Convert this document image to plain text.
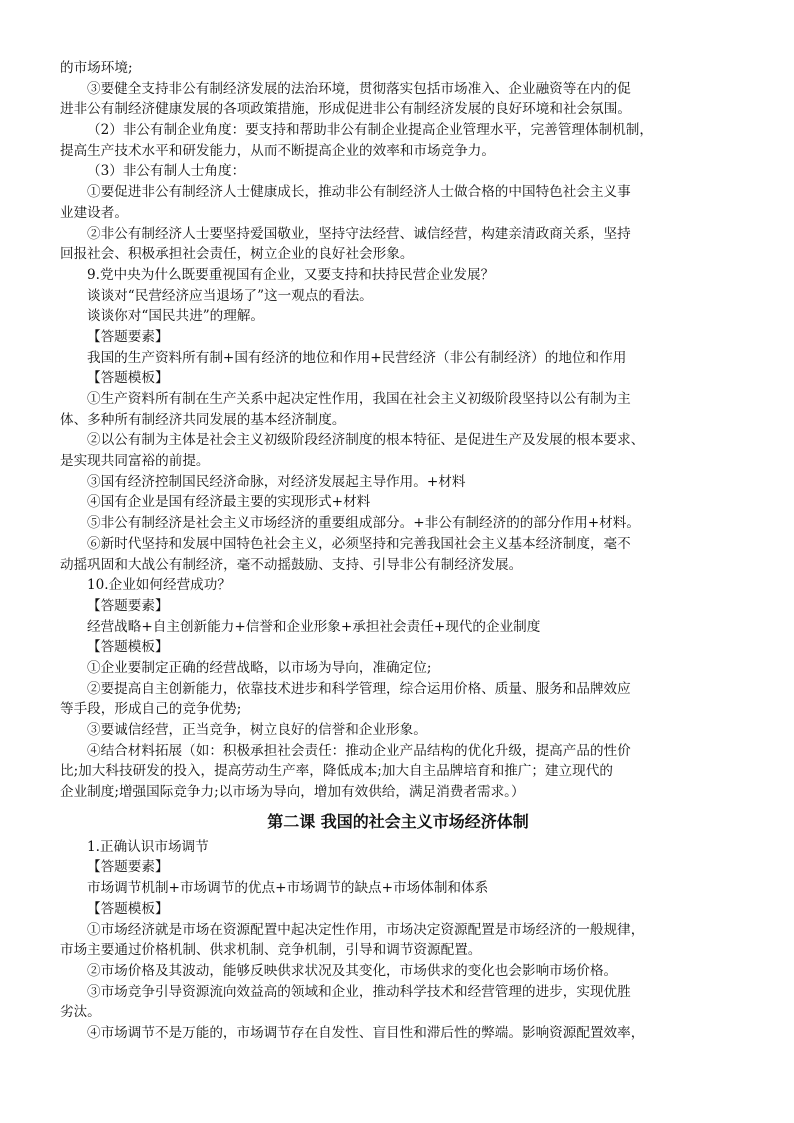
的市场环境;
③要健全支持非公有制经济发展的法治环境，贯彻落实包括市场准入、企业融资等在内的促
进非公有制经济健康发展的各项政策措施，形成促进非公有制经济发展的良好环境和社会氛围。
（2）非公有制企业角度：要支持和帮助非公有制企业提高企业管理水平，完善管理体制机制，
提高生产技术水平和研发能力，从而不断提高企业的效率和市场竞争力。
（3）非公有制人士角度：
①要促进非公有制经济人士健康成长，推动非公有制经济人士做合格的中国特色社会主义事
业建设者。
②非公有制经济人士要坚持爱国敬业，坚持守法经营、诚信经营，构建亲清政商关系，坚持
回报社会、积极承担社会责任，树立企业的良好社会形象。
9.党中央为什么既要重视国有企业，又要支持和扶持民营企业发展？
谈谈对“民营经济应当退场了”这一观点的看法。
谈谈你对“国民共进”的理解。
【答题要素】
我国的生产资料所有制+国有经济的地位和作用+民营经济（非公有制经济）的地位和作用
【答题模板】
①生产资料所有制在生产关系中起决定性作用，我国在社会主义初级阶段坚持以公有制为主
体、多种所有制经济共同发展的基本经济制度。
②以公有制为主体是社会主义初级阶段经济制度的根本特征、是促进生产及发展的根本要求、
是实现共同富裕的前提。
③国有经济控制国民经济命脉，对经济发展起主导作用。+材料
④国有企业是国有经济最主要的实现形式+材料
⑤非公有制经济是社会主义市场经济的重要组成部分。+非公有制经济的的部分作用+材料。
⑥新时代坚持和发展中国特色社会主义，必须坚持和完善我国社会主义基本经济制度，毫不
动摇巩固和大战公有制经济，毫不动摇鼓励、支持、引导非公有制经济发展。
10.企业如何经营成功？
【答题要素】
经营战略+自主创新能力+信誉和企业形象+承担社会责任+现代的企业制度
【答题模板】
①企业要制定正确的经营战略，以市场为导向，准确定位;
②要提高自主创新能力，依靠技术进步和科学管理，综合运用价格、质量、服务和品牌效应
等手段，形成自己的竞争优势;
③要诚信经营，正当竞争，树立良好的信誉和企业形象。
④结合材料拓展（如：积极承担社会责任：推动企业产品结构的优化升级，提高产品的性价
比;加大科技研发的投入，提高劳动生产率，降低成本;加大自主品牌培育和推广；建立现代的
企业制度;增强国际竞争力;以市场为导向，增加有效供给，满足消费者需求。）
第二课 我国的社会主义市场经济体制
1.正确认识市场调节
【答题要素】
市场调节机制+市场调节的优点+市场调节的缺点+市场体制和体系
【答题模板】
①市场经济就是市场在资源配置中起决定性作用，市场决定资源配置是市场经济的一般规律，
市场主要通过价格机制、供求机制、竞争机制，引导和调节资源配置。
②市场价格及其波动，能够反映供求状况及其变化，市场供求的变化也会影响市场价格。
③市场竞争引导资源流向效益高的领域和企业，推动科学技术和经营管理的进步，实现优胜
劣汰。
④市场调节不是万能的，市场调节存在自发性、盲目性和滞后性的弊端。影响资源配置效率，
